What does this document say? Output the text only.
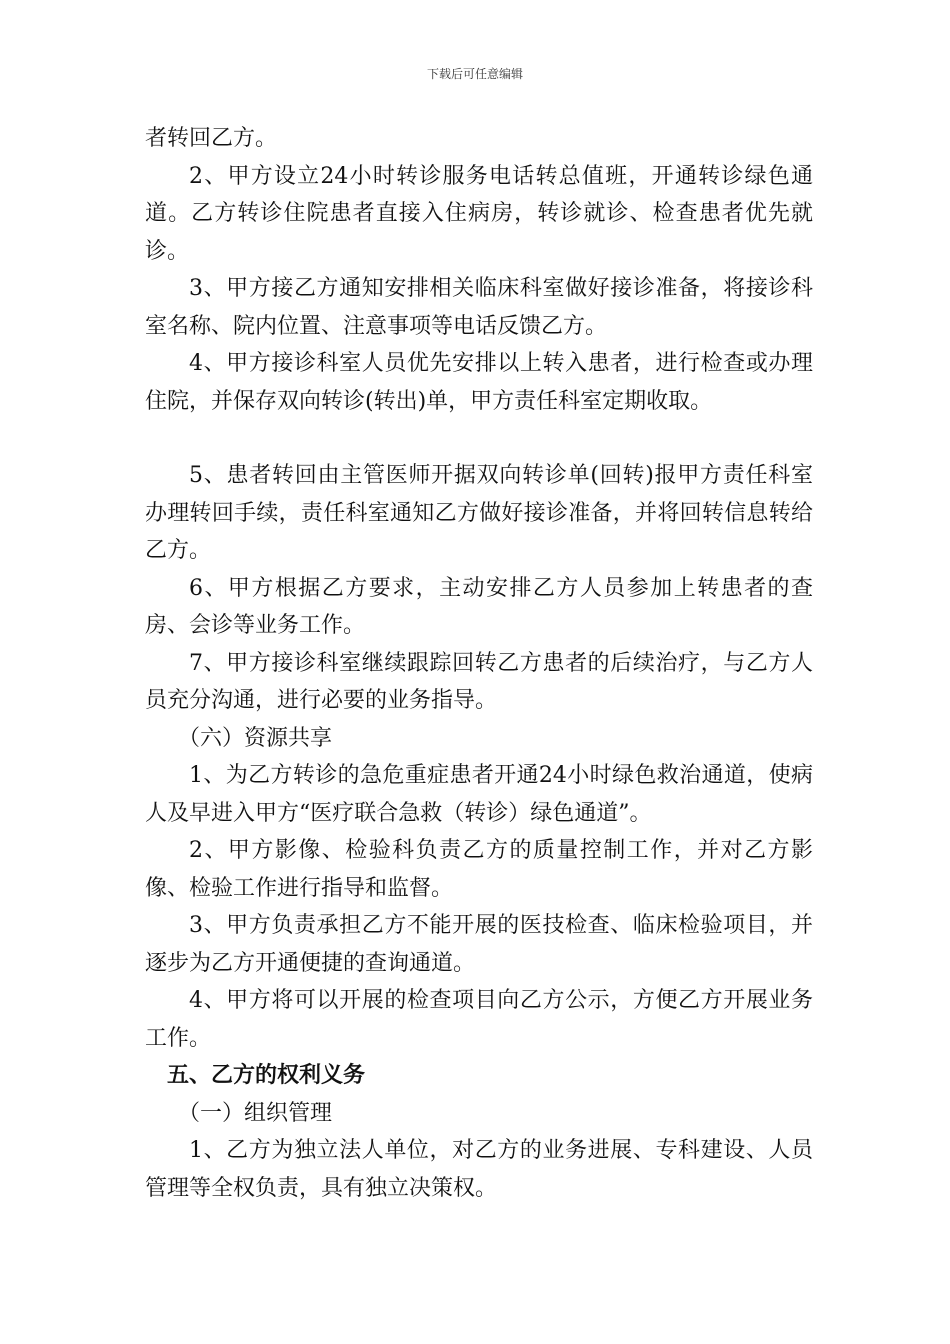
下载后可任意编辑

者转回乙方。

2、甲方设立24小时转诊服务电话转总值班，开通转诊绿色通道。乙方转诊住院患者直接入住病房，转诊就诊、检查患者优先就诊。

3、甲方接乙方通知安排相关临床科室做好接诊准备，将接诊科室名称、院内位置、注意事项等电话反馈乙方。

4、甲方接诊科室人员优先安排以上转入患者，进行检查或办理住院，并保存双向转诊(转出)单，甲方责任科室定期收取。

5、患者转回由主管医师开据双向转诊单(回转)报甲方责任科室办理转回手续，责任科室通知乙方做好接诊准备，并将回转信息转给乙方。

6、甲方根据乙方要求，主动安排乙方人员参加上转患者的查房、会诊等业务工作。

7、甲方接诊科室继续跟踪回转乙方患者的后续治疗，与乙方人员充分沟通，进行必要的业务指导。

（六）资源共享

1、为乙方转诊的急危重症患者开通24小时绿色救治通道，使病人及早进入甲方“医疗联合急救（转诊）绿色通道”。

2、甲方影像、检验科负责乙方的质量控制工作，并对乙方影像、检验工作进行指导和监督。

3、甲方负责承担乙方不能开展的医技检查、临床检验项目，并逐步为乙方开通便捷的查询通道。

4、甲方将可以开展的检查项目向乙方公示，方便乙方开展业务工作。

五、乙方的权利义务

（一）组织管理

1、乙方为独立法人单位，对乙方的业务进展、专科建设、人员管理等全权负责，具有独立决策权。
